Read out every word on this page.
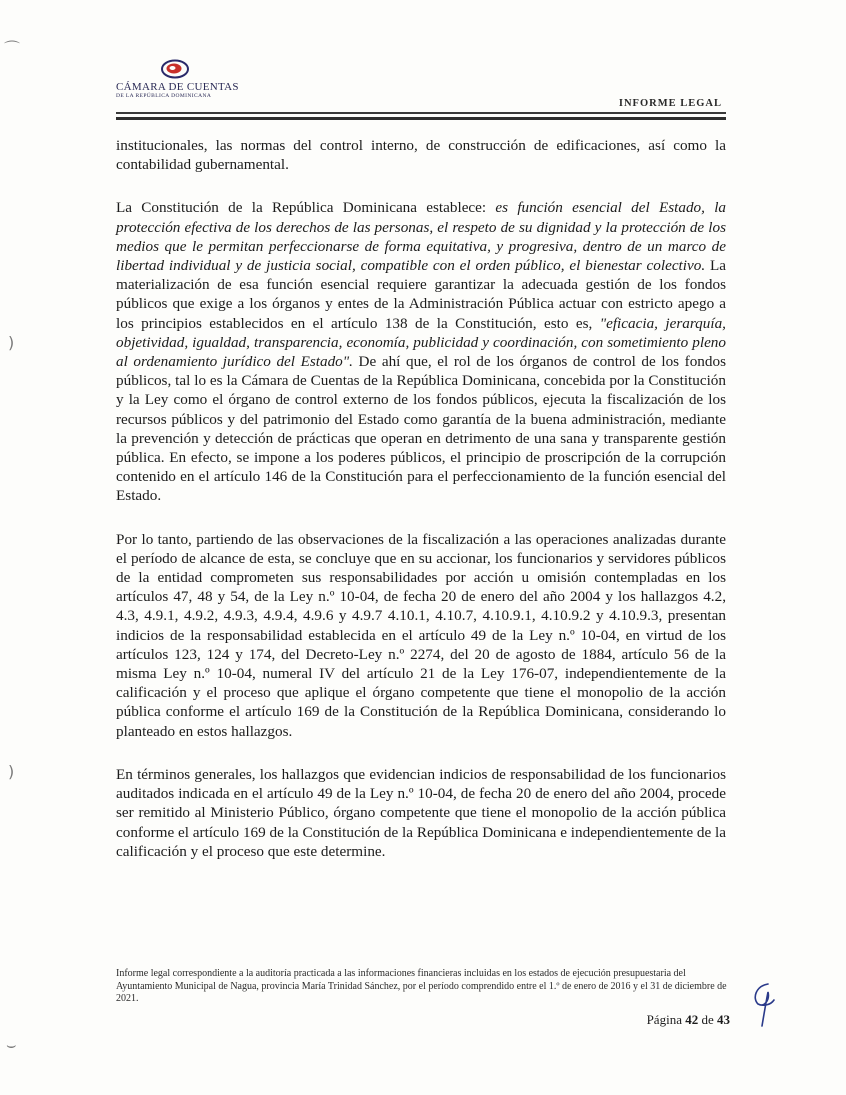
⌒
)
)
⌣
CÁMARA DE CUENTAS
DE LA REPÚBLICA DOMINICANA
INFORME LEGAL

institucionales, las normas del control interno, de construcción de edificaciones, así como la contabilidad gubernamental.

La Constitución de la República Dominicana establece: es función esencial del Estado, la protección efectiva de los derechos de las personas, el respeto de su dignidad y la protección de los medios que le permitan perfeccionarse de forma equitativa, y progresiva, dentro de un marco de libertad individual y de justicia social, compatible con el orden público, el bienestar colectivo. La materialización de esa función esencial requiere garantizar la adecuada gestión de los fondos públicos que exige a los órganos y entes de la Administración Pública actuar con estricto apego a los principios establecidos en el artículo 138 de la Constitución, esto es, "eficacia, jerarquía, objetividad, igualdad, transparencia, economía, publicidad y coordinación, con sometimiento pleno al ordenamiento jurídico del Estado". De ahí que, el rol de los órganos de control de los fondos públicos, tal lo es la Cámara de Cuentas de la República Dominicana, concebida por la Constitución y la Ley como el órgano de control externo de los fondos públicos, ejecuta la fiscalización de los recursos públicos y del patrimonio del Estado como garantía de la buena administración, mediante la prevención y detección de prácticas que operan en detrimento de una sana y transparente gestión pública. En efecto, se impone a los poderes públicos, el principio de proscripción de la corrupción contenido en el artículo 146 de la Constitución para el perfeccionamiento de la función esencial del Estado.

Por lo tanto, partiendo de las observaciones de la fiscalización a las operaciones analizadas durante el período de alcance de esta, se concluye que en su accionar, los funcionarios y servidores públicos de la entidad comprometen sus responsabilidades por acción u omisión contempladas en los artículos 47, 48 y 54, de la Ley n.º 10-04, de fecha 20 de enero del año 2004 y los hallazgos 4.2, 4.3, 4.9.1, 4.9.2, 4.9.3, 4.9.4, 4.9.6 y 4.9.7 4.10.1, 4.10.7, 4.10.9.1, 4.10.9.2 y 4.10.9.3, presentan indicios de la responsabilidad establecida en el artículo 49 de la Ley n.º 10-04, en virtud de los artículos 123, 124 y 174, del Decreto-Ley n.º 2274, del 20 de agosto de 1884, artículo 56 de la misma Ley n.º 10-04, numeral IV del artículo 21 de la Ley 176-07, independientemente de la calificación y el proceso que aplique el órgano competente que tiene el monopolio de la acción pública conforme el artículo 169 de la Constitución de la República Dominicana, considerando lo planteado en estos hallazgos.

En términos generales, los hallazgos que evidencian indicios de responsabilidad de los funcionarios auditados indicada en el artículo 49 de la Ley n.º 10-04, de fecha 20 de enero del año 2004, procede ser remitido al Ministerio Público, órgano competente que tiene el monopolio de la acción pública conforme el artículo 169 de la Constitución de la República Dominicana e independientemente de la calificación y el proceso que este determine.

Informe legal correspondiente a la auditoría practicada a las informaciones financieras incluidas en los estados de ejecución presupuestaria del Ayuntamiento Municipal de Nagua, provincia María Trinidad Sánchez, por el período comprendido entre el 1.º de enero de 2016 y el 31 de diciembre de 2021.
Página 42 de 43
